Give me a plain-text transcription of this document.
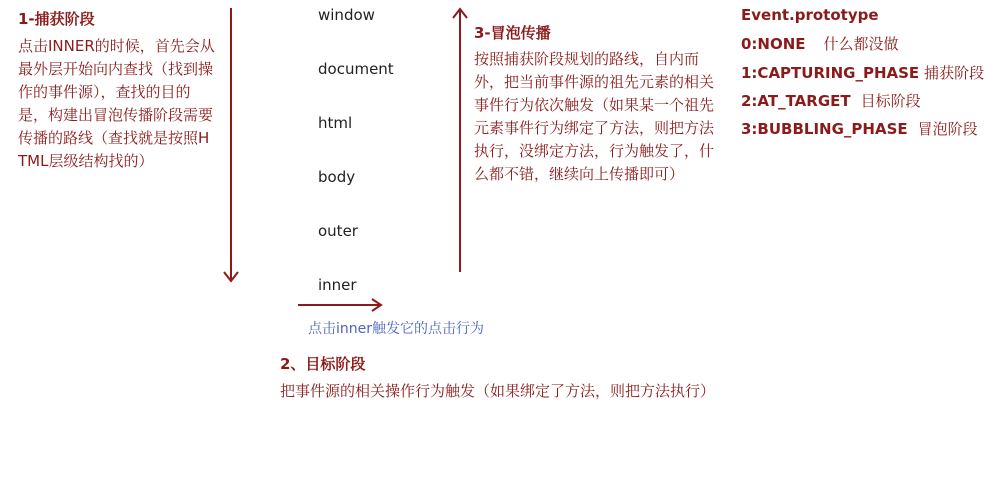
1-捕获阶段
点击INNER的时候，首先会从最外层开始向内查找（找到操作的事件源），查找的目的是，构建出冒泡传播阶段需要传播的路线（查找就是按照HTML层级结构找的）
window
document
html
body
outer
inner
点击inner触发它的点击行为
2、目标阶段
把事件源的相关操作行为触发（如果绑定了方法，则把方法执行）
3-冒泡传播
按照捕获阶段规划的路线，自内而外，把当前事件源的祖先元素的相关事件行为依次触发（如果某一个祖先元素事件行为绑定了方法，则把方法执行，没绑定方法，行为触发了，什么都不错，继续向上传播即可）
Event.prototype
0:NONE 什么都没做
1:CAPTURING_PHASE 捕获阶段
2:AT_TARGET 目标阶段
3:BUBBLING_PHASE 冒泡阶段
